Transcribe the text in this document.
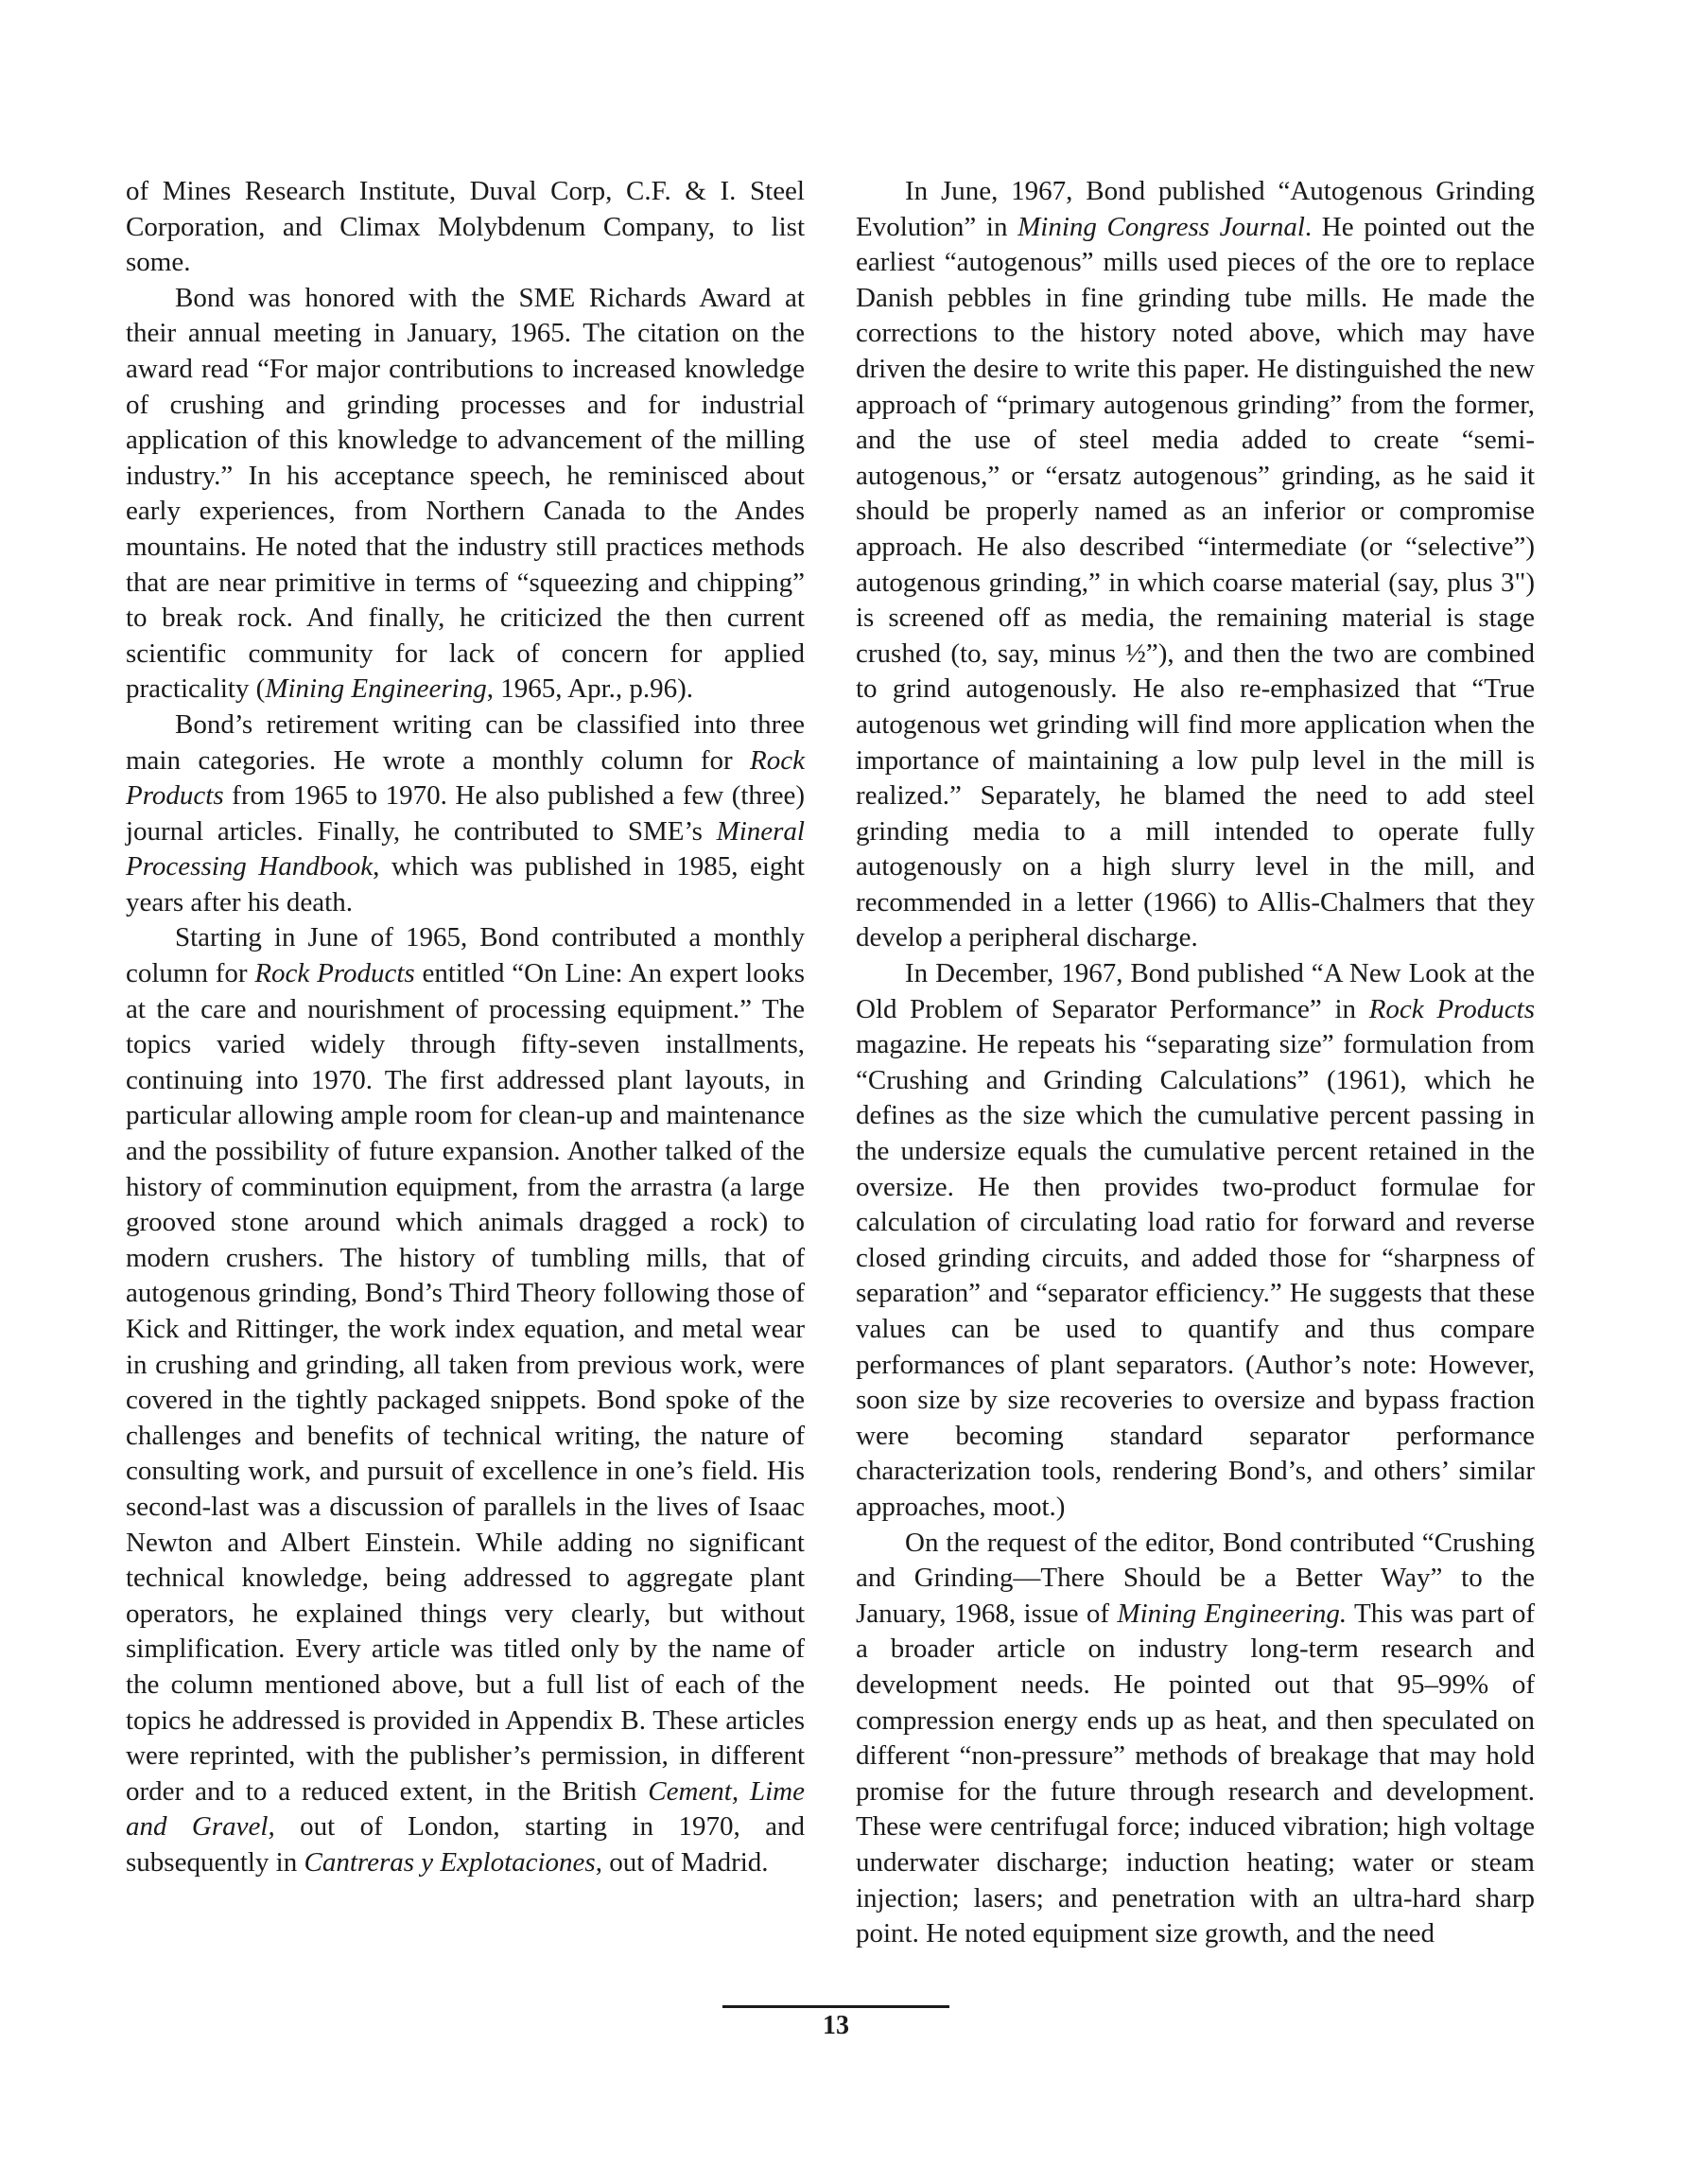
of Mines Research Institute, Duval Corp, C.F. & I. Steel Corporation, and Climax Molybdenum Company, to list some.

Bond was honored with the SME Richards Award at their annual meeting in January, 1965. The citation on the award read “For major contributions to increased knowledge of crushing and grinding processes and for industrial application of this knowledge to advancement of the milling industry.” In his acceptance speech, he reminisced about early experiences, from Northern Canada to the Andes mountains. He noted that the industry still practices methods that are near primitive in terms of “squeezing and chipping” to break rock. And finally, he criticized the then current scientific community for lack of concern for applied practicality (Mining Engineering, 1965, Apr., p.96).

Bond’s retirement writing can be classified into three main categories. He wrote a monthly column for Rock Products from 1965 to 1970. He also published a few (three) journal articles. Finally, he contributed to SME’s Mineral Processing Handbook, which was published in 1985, eight years after his death.

Starting in June of 1965, Bond contributed a monthly column for Rock Products entitled “On Line: An expert looks at the care and nourishment of processing equipment.” The topics varied widely through fifty-seven installments, continuing into 1970. The first addressed plant layouts, in particular allowing ample room for clean-up and maintenance and the possibility of future expansion. Another talked of the history of comminution equipment, from the arrastra (a large grooved stone around which animals dragged a rock) to modern crushers. The history of tumbling mills, that of autogenous grinding, Bond’s Third Theory following those of Kick and Rittinger, the work index equation, and metal wear in crushing and grinding, all taken from previous work, were covered in the tightly packaged snippets. Bond spoke of the challenges and benefits of technical writing, the nature of consulting work, and pursuit of excellence in one’s field. His second-last was a discussion of parallels in the lives of Isaac Newton and Albert Einstein. While adding no significant technical knowledge, being addressed to aggregate plant operators, he explained things very clearly, but without simplification. Every article was titled only by the name of the column mentioned above, but a full list of each of the topics he addressed is provided in Appendix B. These articles were reprinted, with the publisher’s permission, in different order and to a reduced extent, in the British Cement, Lime and Gravel, out of London, starting in 1970, and subsequently in Cantreras y Explotaciones, out of Madrid.

In June, 1967, Bond published “Autogenous Grinding Evolution” in Mining Congress Journal. He pointed out the earliest “autogenous” mills used pieces of the ore to replace Danish pebbles in fine grinding tube mills. He made the corrections to the history noted above, which may have driven the desire to write this paper. He distinguished the new approach of “primary autogenous grinding” from the former, and the use of steel media added to create “semi-autogenous,” or “ersatz autogenous” grinding, as he said it should be properly named as an inferior or compromise approach. He also described “intermediate (or “selective”) autogenous grinding,” in which coarse material (say, plus 3") is screened off as media, the remaining material is stage crushed (to, say, minus ½”), and then the two are combined to grind autogenously. He also re-emphasized that “True autogenous wet grinding will find more application when the importance of maintaining a low pulp level in the mill is realized.” Separately, he blamed the need to add steel grinding media to a mill intended to operate fully autogenously on a high slurry level in the mill, and recommended in a letter (1966) to Allis-Chalmers that they develop a peripheral discharge.

In December, 1967, Bond published “A New Look at the Old Problem of Separator Performance” in Rock Products magazine. He repeats his “separating size” formulation from “Crushing and Grinding Calculations” (1961), which he defines as the size which the cumulative percent passing in the undersize equals the cumulative percent retained in the oversize. He then provides two-product formulae for calculation of circulating load ratio for forward and reverse closed grinding circuits, and added those for “sharpness of separation” and “separator efficiency.” He suggests that these values can be used to quantify and thus compare performances of plant separators. (Author’s note: However, soon size by size recoveries to oversize and bypass fraction were becoming standard separator performance characterization tools, rendering Bond’s, and others’ similar approaches, moot.)

On the request of the editor, Bond contributed “Crushing and Grinding—There Should be a Better Way” to the January, 1968, issue of Mining Engineering. This was part of a broader article on industry long-term research and development needs. He pointed out that 95–99% of compression energy ends up as heat, and then speculated on different “non-pressure” methods of breakage that may hold promise for the future through research and development. These were centrifugal force; induced vibration; high voltage underwater discharge; induction heating; water or steam injection; lasers; and penetration with an ultra-hard sharp point. He noted equipment size growth, and the need

13
